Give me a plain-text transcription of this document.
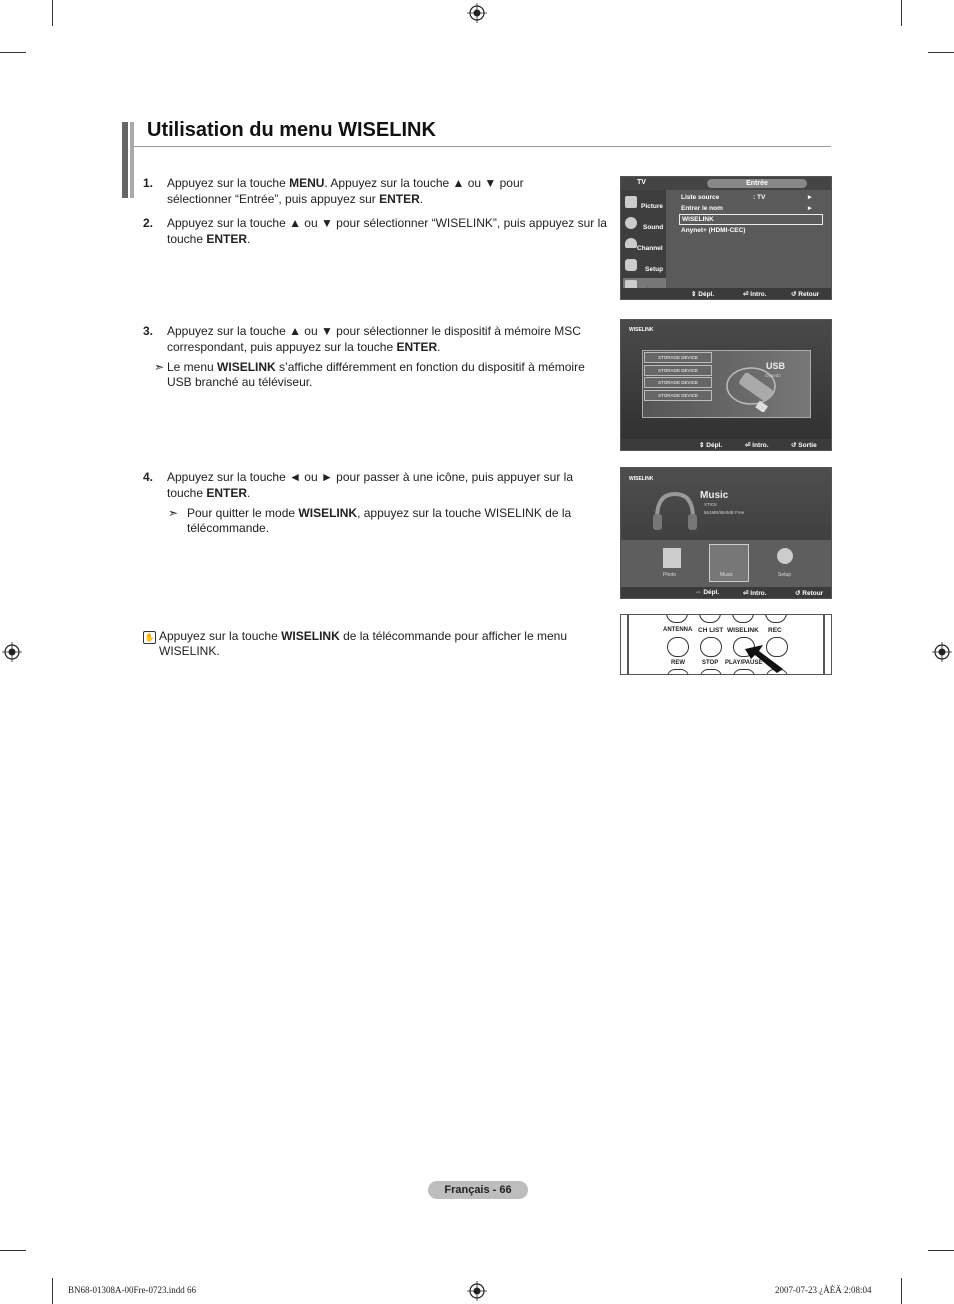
Utilisation du menu WISELINK
1. Appuyez sur la touche MENU. Appuyez sur la touche ▲ ou ▼ pour
sélectionner “Entrée”, puis appuyez sur ENTER.
2. Appuyez sur la touche ▲ ou ▼ pour sélectionner “WISELINK”, puis appuyez sur la
touche ENTER.
3. Appuyez sur la touche ▲ ou ▼ pour sélectionner le dispositif à mémoire MSC
correspondant, puis appuyez sur la touche ENTER.
➣ Le menu WISELINK s’affiche différemment en fonction du dispositif à mémoire
USB branché au téléviseur.
4. Appuyez sur la touche ◄ ou ► pour passer à une icône, puis appuyer sur la
touche ENTER.
➣ Pour quitter le mode WISELINK, appuyez sur la touche WISELINK de la
télécommande.
✋ Appuyez sur la touche WISELINK de la télécommande pour afficher le menu
WISELINK.
TV	Entrée
Picture
Sound
Channel
Setup
Liste source	: TV	►
Entrer le nom	►
WISELINK
Anynet+ (HDMI-CEC)
⇕ Dépl.	⏎ Intro.	↺ Retour
WISELINK
STORAGE DEVICE
STORAGE DEVICE
STORAGE DEVICE
STORAGE DEVICE
USB
Gesedo
⇕ Dépl.	⏎ Intro.	↺ Sortie
WISELINK
Music
XTICK
861MB/994MB Free
Photo	Music	Setup
⇔ Dépl.	⏎ Intro.	↺ Retour
ANTENNA CH LIST WISELINK REC
REW	STOP PLAY/PAUSE
Français - 66
BN68-01308A-00Fre-0723.indd 66	2007-07-23 ¿ÀÈÄ 2:08:04
